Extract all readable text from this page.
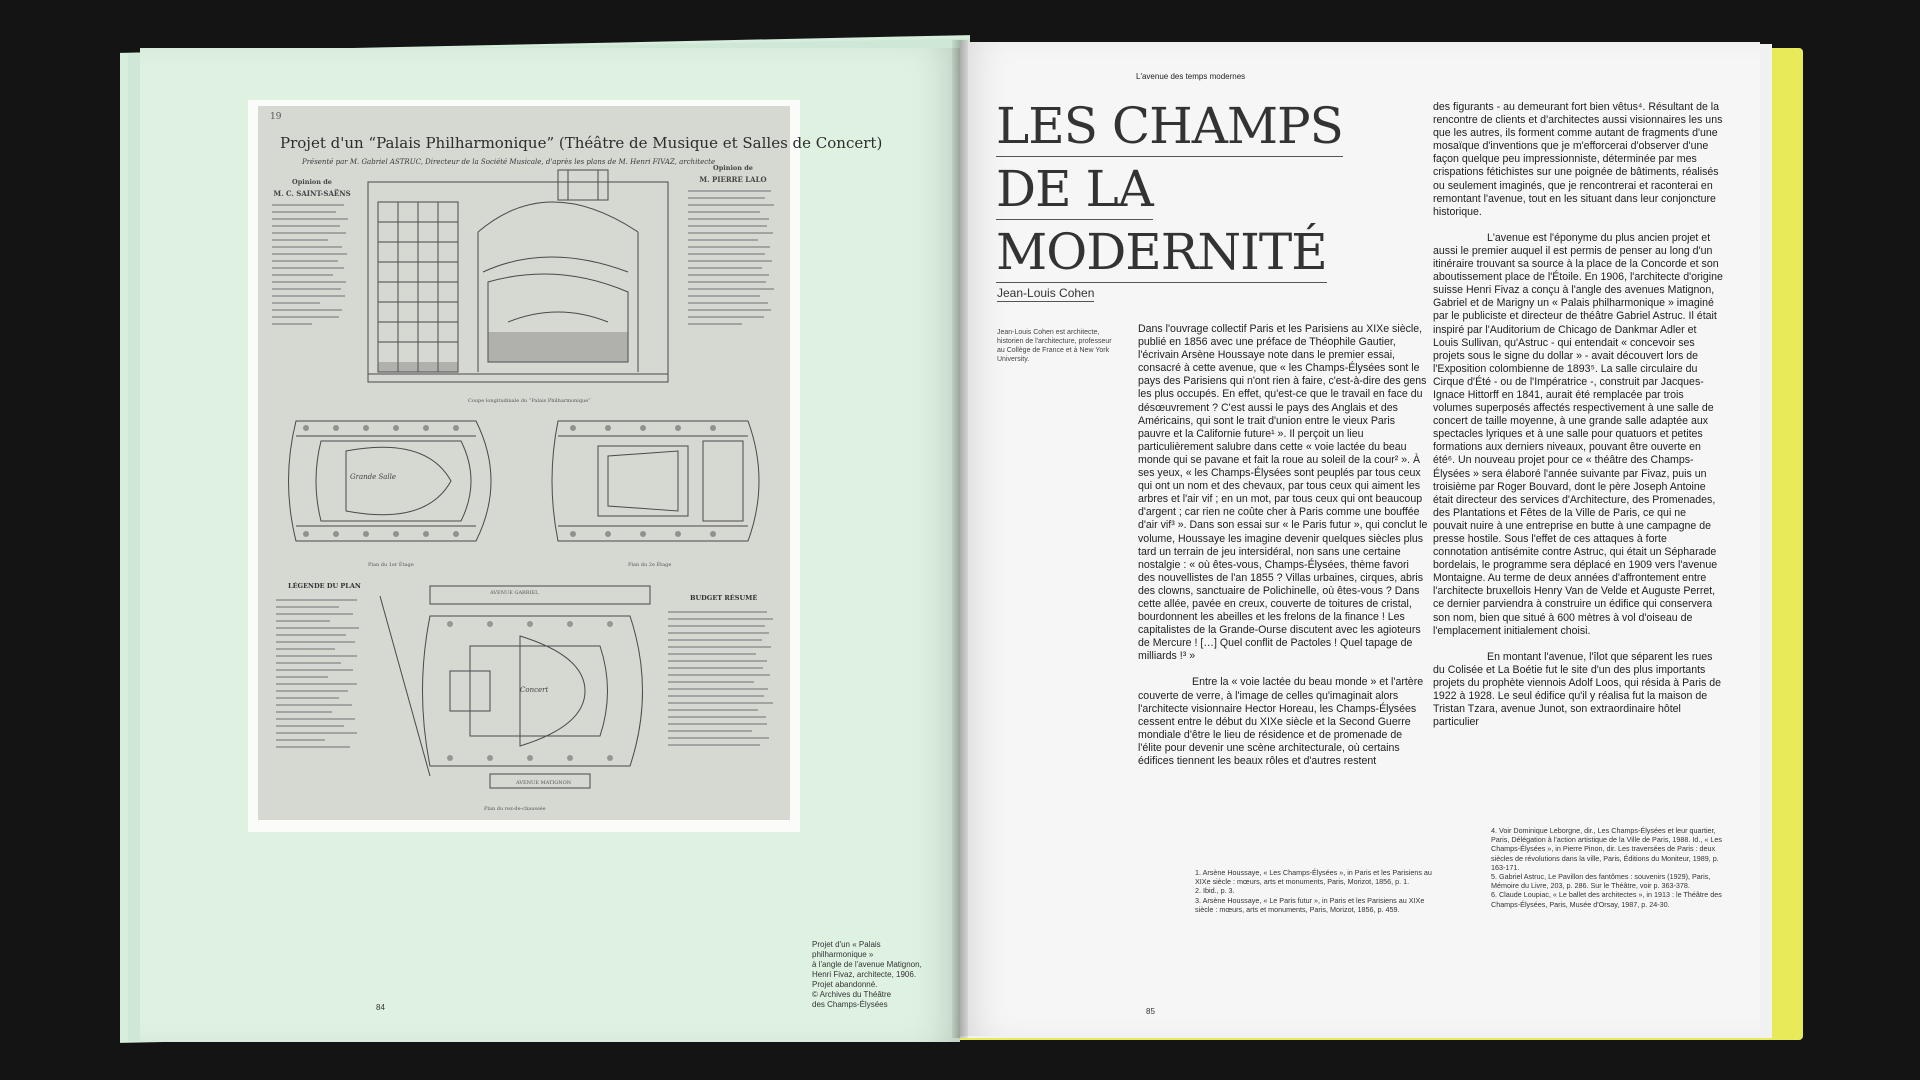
19
Projet d'un “Palais Philharmonique” (Théâtre de Musique et Salles de Concert)
Présenté par M. Gabriel ASTRUC, Directeur de la Société Musicale, d'après les plans de M. Henri FIVAZ, architecte
Opinion de
M. C. SAINT-SAËNS
Opinion de
M. PIERRE LALO
Coupe longitudinale du “Palais Philharmonique”
Grande Salle
Plan du 1er Étage	Plan du 2e Étage
LÉGENDE DU PLAN
AVENUE GABRIEL
Concert
AVENUE MATIGNON
Plan du rez-de-chaussée
BUDGET RÉSUMÉ
Projet d'un « Palais philharmonique »
à l'angle de l'avenue Matignon,
Henri Fivaz, architecte, 1906.
Projet abandonné.
© Archives du Théâtre
des Champs-Élysées
84
L'avenue des temps modernes
LES CHAMPS
DE LA
MODERNITÉ
Jean-Louis Cohen
Jean-Louis Cohen est architecte, historien de l'architecture, professeur au Collège de France et à New York University.

Dans l'ouvrage collectif Paris et les Parisiens au XIXe siècle, publié en 1856 avec une préface de Théophile Gautier, l'écrivain Arsène Houssaye note dans le premier essai, consacré à cette avenue, que « les Champs-Élysées sont le pays des Parisiens qui n'ont rien à faire, c'est-à-dire des gens les plus occupés. En effet, qu'est-ce que le travail en face du désœuvrement ? C'est aussi le pays des Anglais et des Américains, qui sont le trait d'union entre le vieux Paris pauvre et la Californie future¹ ». Il perçoit un lieu particulièrement salubre dans cette « voie lactée du beau monde qui se pavane et fait la roue au soleil de la cour² ». À ses yeux, « les Champs-Élysées sont peuplés par tous ceux qui ont un nom et des chevaux, par tous ceux qui aiment les arbres et l'air vif ; en un mot, par tous ceux qui ont beaucoup d'argent ; car rien ne coûte cher à Paris comme une bouffée d'air vif³ ». Dans son essai sur « le Paris futur », qui conclut le volume, Houssaye les imagine devenir quelques siècles plus tard un terrain de jeu intersidéral, non sans une certaine nostalgie : « où êtes-vous, Champs-Élysées, thème favori des nouvellistes de l'an 1855 ? Villas urbaines, cirques, abris des clowns, sanctuaire de Polichinelle, où êtes-vous ? Dans cette allée, pavée en creux, couverte de toitures de cristal, bourdonnent les abeilles et les frelons de la finance ! Les capitalistes de la Grande-Ourse discutent avec les agioteurs de Mercure ! […] Quel conflit de Pactoles ! Quel tapage de milliards !³ »

Entre la « voie lactée du beau monde » et l'artère couverte de verre, à l'image de celles qu'imaginait alors l'architecte visionnaire Hector Horeau, les Champs-Élysées cessent entre le début du XIXe siècle et la Second Guerre mondiale d'être le lieu de résidence et de promenade de l'élite pour devenir une scène architecturale, où certains édifices tiennent les beaux rôles et d'autres restent

des figurants - au demeurant fort bien vêtus⁴. Résultant de la rencontre de clients et d'architectes aussi visionnaires les uns que les autres, ils forment comme autant de fragments d'une mosaïque d'inventions que je m'efforcerai d'observer d'une façon quelque peu impressionniste, déterminée par mes crispations fétichistes sur une poignée de bâtiments, réalisés ou seulement imaginés, que je rencontrerai et raconterai en remontant l'avenue, tout en les situant dans leur conjoncture historique.

L'avenue est l'éponyme du plus ancien projet et aussi le premier auquel il est permis de penser au long d'un itinéraire trouvant sa source à la place de la Concorde et son aboutissement place de l'Étoile. En 1906, l'architecte d'origine suisse Henri Fivaz a conçu à l'angle des avenues Matignon, Gabriel et de Marigny un « Palais philharmonique » imaginé par le publiciste et directeur de théâtre Gabriel Astruc. Il était inspiré par l'Auditorium de Chicago de Dankmar Adler et Louis Sullivan, qu'Astruc - qui entendait « concevoir ses projets sous le signe du dollar » - avait découvert lors de l'Exposition colombienne de 1893⁵. La salle circulaire du Cirque d'Été - ou de l'Impératrice -, construit par Jacques-Ignace Hittorff en 1841, aurait été remplacée par trois volumes superposés affectés respectivement à une salle de concert de taille moyenne, à une grande salle adaptée aux spectacles lyriques et à une salle pour quatuors et petites formations aux derniers niveaux, pouvant être ouverte en été⁶. Un nouveau projet pour ce « théâtre des Champs-Élysées » sera élaboré l'année suivante par Fivaz, puis un troisième par Roger Bouvard, dont le père Joseph Antoine était directeur des services d'Architecture, des Promenades, des Plantations et Fêtes de la Ville de Paris, ce qui ne pouvait nuire à une entreprise en butte à une campagne de presse hostile. Sous l'effet de ces attaques à forte connotation antisémite contre Astruc, qui était un Sépharade bordelais, le programme sera déplacé en 1909 vers l'avenue Montaigne. Au terme de deux années d'affrontement entre l'architecte bruxellois Henry Van de Velde et Auguste Perret, ce dernier parviendra à construire un édifice qui conservera son nom, bien que situé à 600 mètres à vol d'oiseau de l'emplacement initialement choisi.

En montant l'avenue, l'îlot que séparent les rues du Colisée et La Boétie fut le site d'un des plus importants projets du prophète viennois Adolf Loos, qui résida à Paris de 1922 à 1928. Le seul édifice qu'il y réalisa fut la maison de Tristan Tzara, avenue Junot, son extraordinaire hôtel particulier

1. Arsène Houssaye, « Les Champs-Élysées », in Paris et les Parisiens au XIXe siècle : mœurs, arts et monuments, Paris, Morizot, 1856, p. 1.
2. Ibid., p. 3.
3. Arsène Houssaye, « Le Paris futur », in Paris et les Parisiens au XIXe siècle : mœurs, arts et monuments, Paris, Morizot, 1856, p. 459.
4. Voir Dominique Leborgne, dir., Les Champs-Élysées et leur quartier, Paris, Délégation à l'action artistique de la Ville de Paris, 1988. Id., « Les Champs-Élysées », in Pierre Pinon, dir. Les traversées de Paris : deux siècles de révolutions dans la ville, Paris, Éditions du Moniteur, 1989, p. 163-171.
5. Gabriel Astruc, Le Pavillon des fantômes : souvenirs (1929), Paris, Mémoire du Livre, 203, p. 286. Sur le Théâtre, voir p. 363-378.
6. Claude Loupiac, « Le ballet des architectes », in 1913 : le Théâtre des Champs-Élysées, Paris, Musée d'Orsay, 1987, p. 24-30.
85
